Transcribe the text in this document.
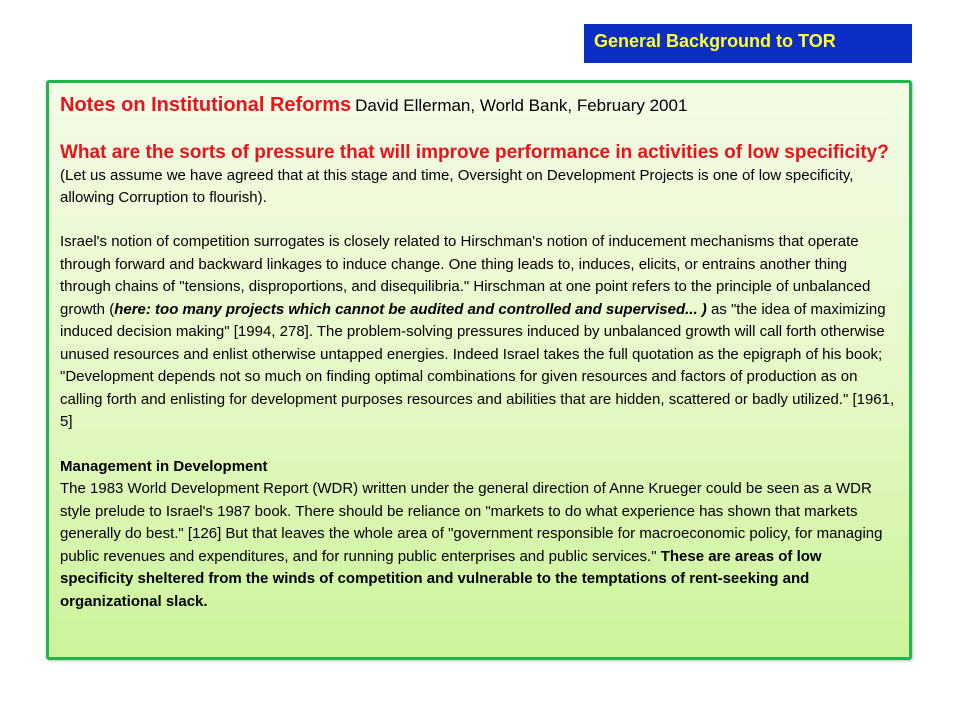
General Background to TOR
Notes on Institutional Reforms David Ellerman, World Bank, February 2001

What are the sorts of pressure that will improve performance in activities of low specificity? (Let us assume we have agreed that at this stage and time, Oversight on Development Projects is one of low specificity, allowing Corruption to flourish).

Israel's notion of competition surrogates is closely related to Hirschman's notion of inducement mechanisms that operate through forward and backward linkages to induce change. One thing leads to, induces, elicits, or entrains another thing through chains of "tensions, disproportions, and disequilibria." Hirschman at one point refers to the principle of unbalanced growth (here: too many projects which cannot be audited and controlled and supervised... ) as "the idea of maximizing induced decision making" [1994, 278]. The problem-solving pressures induced by unbalanced growth will call forth otherwise unused resources and enlist otherwise untapped energies. Indeed Israel takes the full quotation as the epigraph of his book; "Development depends not so much on finding optimal combinations for given resources and factors of production as on calling forth and enlisting for development purposes resources and abilities that are hidden, scattered or badly utilized." [1961, 5]

Management in Development

The 1983 World Development Report (WDR) written under the general direction of Anne Krueger could be seen as a WDR style prelude to Israel's 1987 book. There should be reliance on "markets to do what experience has shown that markets generally do best." [126] But that leaves the whole area of "government responsible for macroeconomic policy, for managing public revenues and expenditures, and for running public enterprises and public services." These are areas of low specificity sheltered from the winds of competition and vulnerable to the temptations of rent-seeking and organizational slack.
